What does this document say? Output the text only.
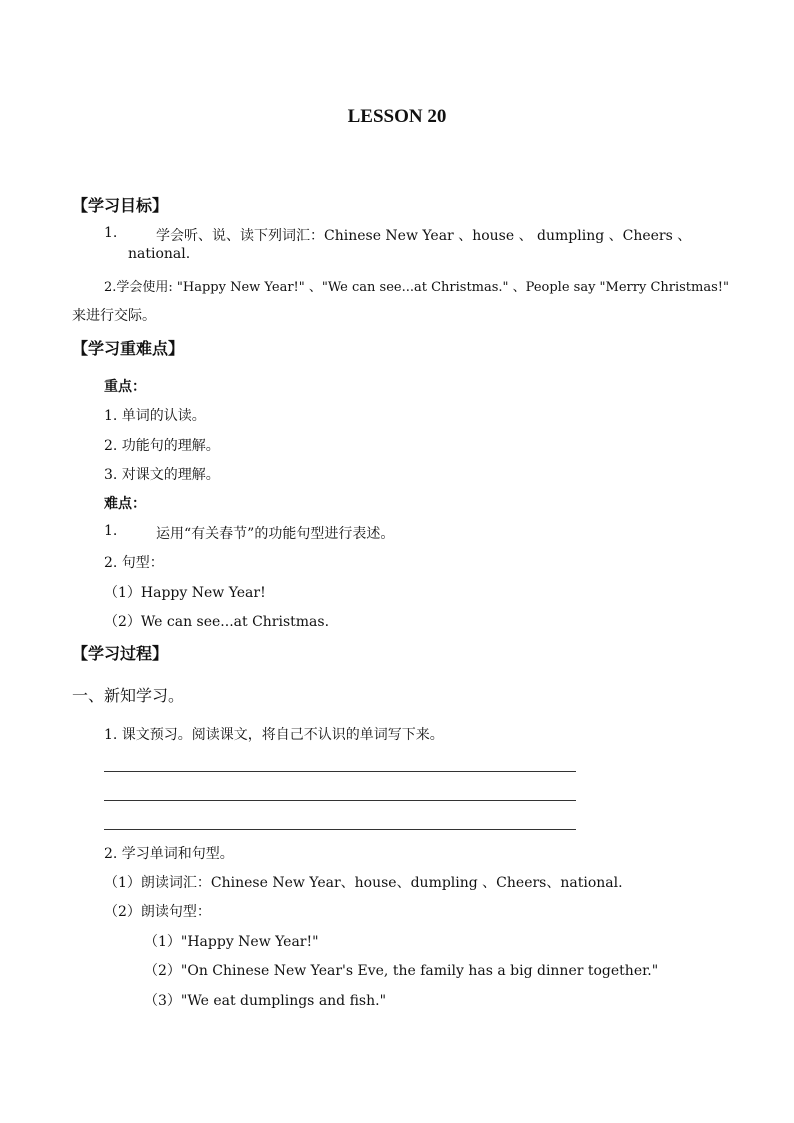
LESSON 20
【学习目标】
1.	学会听、说、读下列词汇：Chinese New Year 、house 、 dumpling 、Cheers 、
national.
2.学会使用: "Happy New Year!" 、"We can see...at Christmas." 、People say "Merry Christmas!"
来进行交际。
【学习重难点】
重点：
1. 单词的认读。
2. 功能句的理解。
3. 对课文的理解。
难点：
1.	运用“有关春节”的功能句型进行表述。
2. 句型：
（1）Happy New Year!
（2）We can see...at Christmas.
【学习过程】
一、新知学习。
1. 课文预习。阅读课文，将自己不认识的单词写下来。
2. 学习单词和句型。
（1）朗读词汇：Chinese New Year、house、dumpling 、Cheers、national.
（2）朗读句型：
（1）"Happy New Year!"
（2）"On Chinese New Year's Eve, the family has a big dinner together."
（3）"We eat dumplings and fish."
